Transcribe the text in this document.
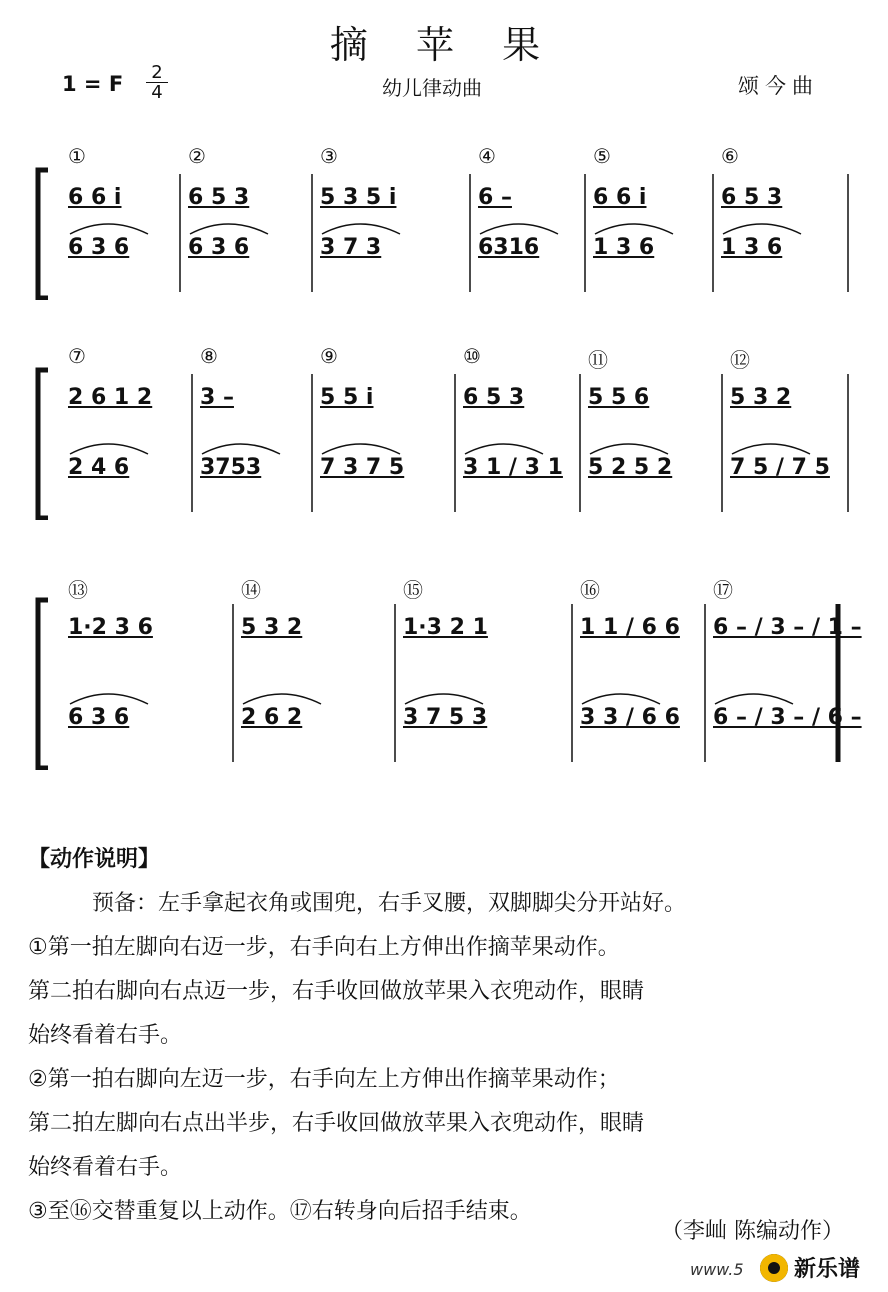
摘 苹 果
1 = F 2
4	幼儿律动曲	颂今曲
①
6 6 i
6 3 6
②
6 5 3
6 3 6
③
5 3 5 i
3 7 3
④
6 –
6316
⑤
6 6 i
1 3 6
⑥
6 5 3
1 3 6
⑦
2 6 1 2
2 4 6
⑧
3 –
3753
⑨
5 5 i
7 3 7 5
⑩
6 5 3
3 1 / 3 1
⑪
5 5 6
5 2 5 2
⑫
5 3 2
7 5 / 7 5
⑬
1·2 3 6
6 3 6
⑭
5 3 2
2 6 2
⑮
1·3 2 1
3 7 5 3
⑯
1 1 / 6 6
3 3 / 6 6
⑰
6 – / 3 – / 1 –
6 – / 3 – / 6 –

【动作说明】

预备：左手拿起衣角或围兜，右手叉腰，双脚脚尖分开站好。

①第一拍左脚向右迈一步，右手向右上方伸出作摘苹果动作。

第二拍右脚向右点迈一步，右手收回做放苹果入衣兜动作，眼睛

始终看着右手。

②第一拍右脚向左迈一步，右手向左上方伸出作摘苹果动作；

第二拍左脚向右点出半步，右手收回做放苹果入衣兜动作，眼睛

始终看着右手。

③至⑯交替重复以上动作。⑰右转身向后招手结束。

（李屾 陈编动作）
www.5 新乐谱
